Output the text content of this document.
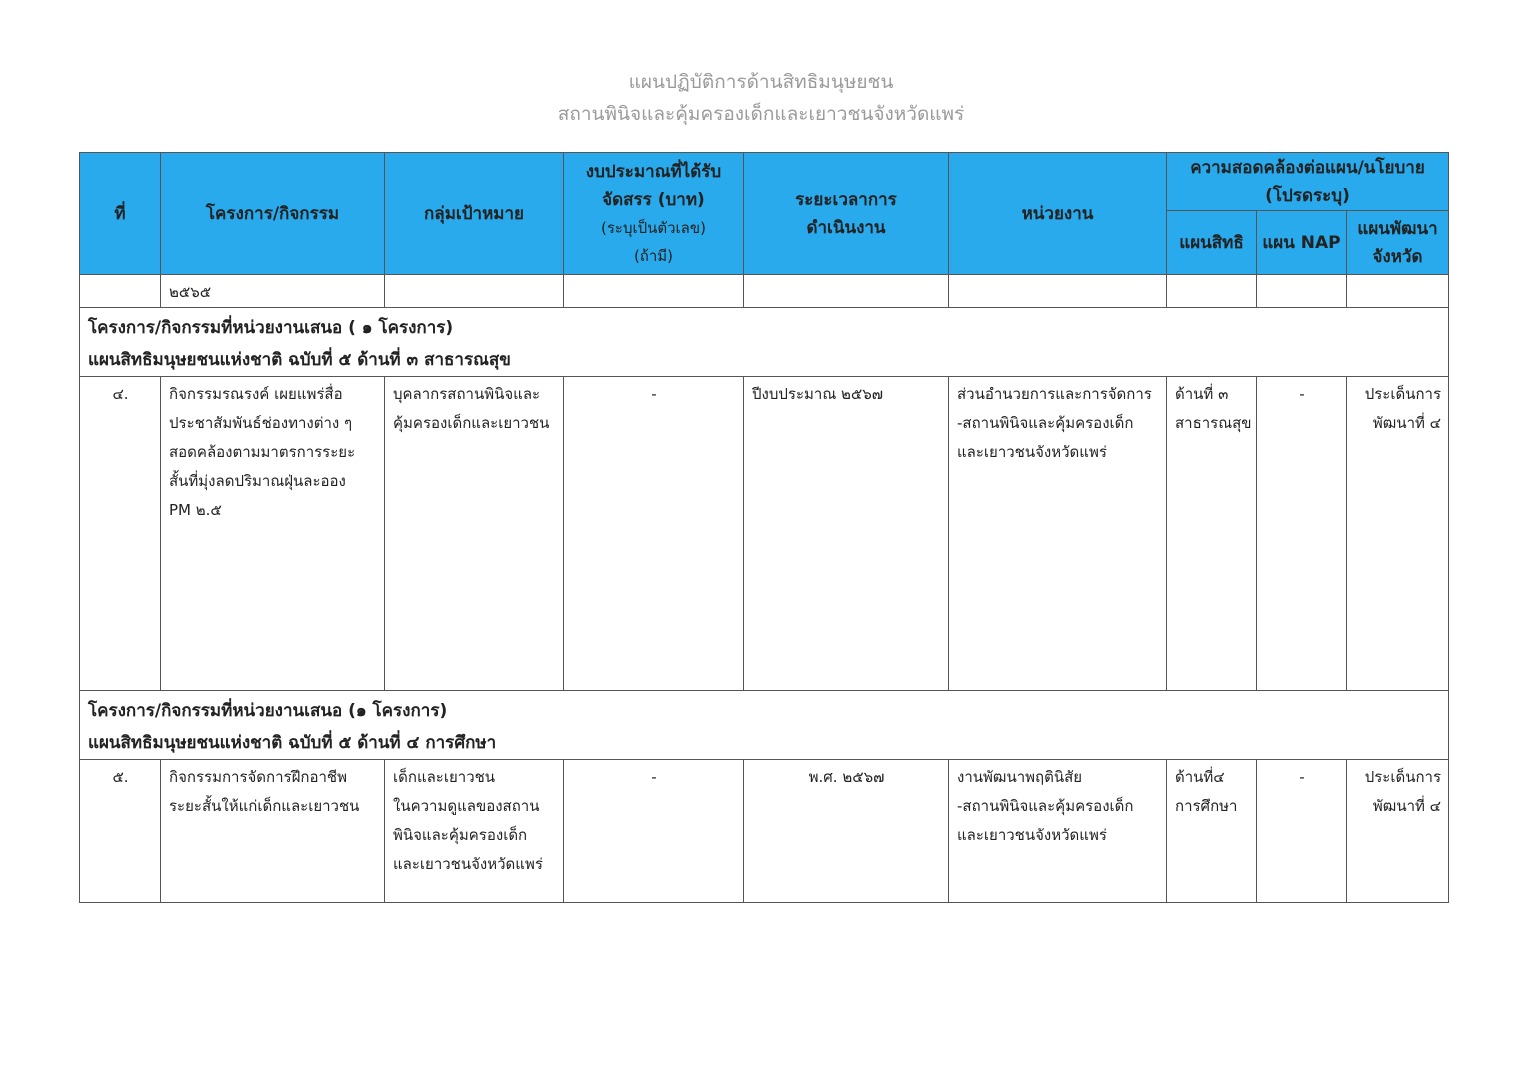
แผนปฏิบัติการด้านสิทธิมนุษยชน
สถานพินิจและคุ้มครองเด็กและเยาวชนจังหวัดแพร่
ที่	โครงการ/กิจกรรม	กลุ่มเป้าหมาย	งบประมาณที่ได้รับ
จัดสรร (บาท)
(ระบุเป็นตัวเลข)
(ถ้ามี)	ระยะเวลาการ
ดำเนินงาน	หน่วยงาน	ความสอดคล้องต่อแผน/นโยบาย
(โปรดระบุ)		

						แผนสิทธิ	แผน NAP	แผนพัฒนา
จังหวัด

	๒๕๖๕							

โครงการ/กิจกรรมที่หน่วยงานเสนอ ( ๑ โครงการ)
แผนสิทธิมนุษยชนแห่งชาติ ฉบับที่ ๕ ด้านที่ ๓ สาธารณสุข								

๔.	กิจกรรมรณรงค์ เผยแพร่สื่อ
ประชาสัมพันธ์ช่องทางต่าง ๆ
สอดคล้องตามมาตรการระยะ
สั้นที่มุ่งลดปริมาณฝุ่นละออง
PM ๒.๕	บุคลากรสถานพินิจและ
คุ้มครองเด็กและเยาวชน	-	ปีงบประมาณ ๒๕๖๗	ส่วนอำนวยการและการจัดการ
-สถานพินิจและคุ้มครองเด็ก
และเยาวชนจังหวัดแพร่	ด้านที่ ๓
สาธารณสุข	-	ประเด็นการ
พัฒนาที่ ๔

โครงการ/กิจกรรมที่หน่วยงานเสนอ (๑ โครงการ)
แผนสิทธิมนุษยชนแห่งชาติ ฉบับที่ ๕ ด้านที่ ๔ การศึกษา								

๕.	กิจกรรมการจัดการฝึกอาชีพ
ระยะสั้นให้แก่เด็กและเยาวชน	เด็กและเยาวชน
ในความดูแลของสถาน
พินิจและคุ้มครองเด็ก
และเยาวชนจังหวัดแพร่	-	พ.ศ. ๒๕๖๗	งานพัฒนาพฤตินิสัย
-สถานพินิจและคุ้มครองเด็ก
และเยาวชนจังหวัดแพร่	ด้านที่๔
การศึกษา	-	ประเด็นการ
พัฒนาที่ ๔
